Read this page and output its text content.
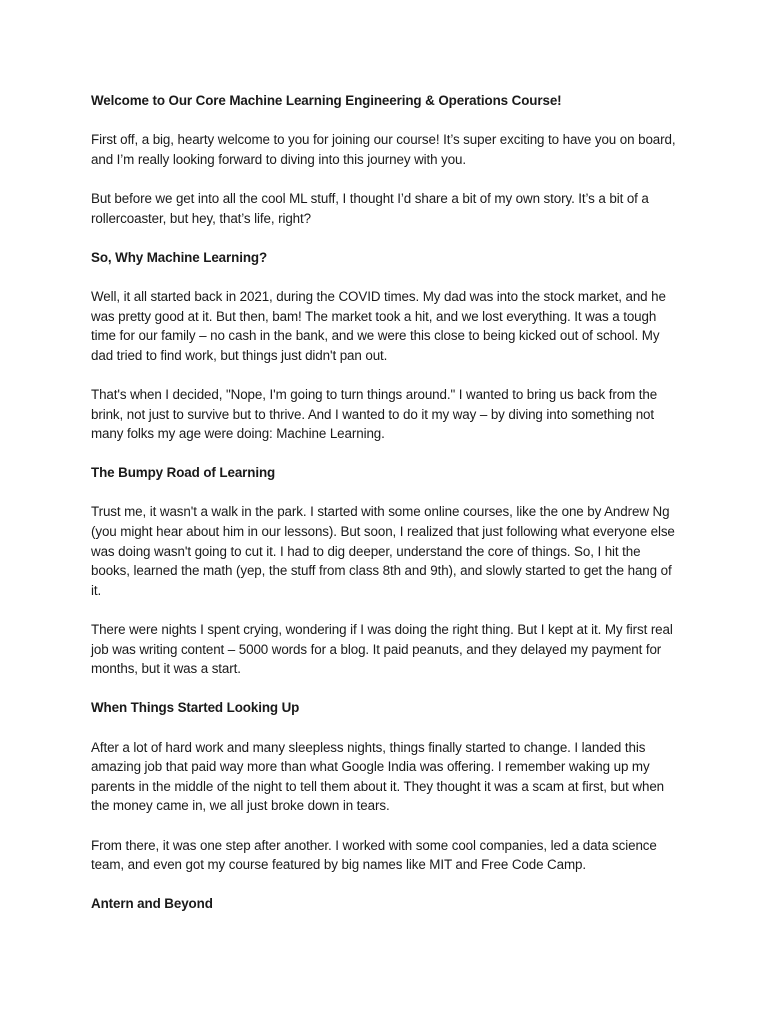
Welcome to Our Core Machine Learning Engineering & Operations Course!

First off, a big, hearty welcome to you for joining our course! It’s super exciting to have you on board, and I’m really looking forward to diving into this journey with you.

But before we get into all the cool ML stuff, I thought I’d share a bit of my own story. It’s a bit of a rollercoaster, but hey, that’s life, right?

So, Why Machine Learning?

Well, it all started back in 2021, during the COVID times. My dad was into the stock market, and he was pretty good at it. But then, bam! The market took a hit, and we lost everything. It was a tough time for our family – no cash in the bank, and we were this close to being kicked out of school. My dad tried to find work, but things just didn't pan out.

That's when I decided, "Nope, I'm going to turn things around." I wanted to bring us back from the brink, not just to survive but to thrive. And I wanted to do it my way – by diving into something not many folks my age were doing: Machine Learning.

The Bumpy Road of Learning

Trust me, it wasn't a walk in the park. I started with some online courses, like the one by Andrew Ng (you might hear about him in our lessons). But soon, I realized that just following what everyone else was doing wasn't going to cut it. I had to dig deeper, understand the core of things. So, I hit the books, learned the math (yep, the stuff from class 8th and 9th), and slowly started to get the hang of it.

There were nights I spent crying, wondering if I was doing the right thing. But I kept at it. My first real job was writing content – 5000 words for a blog. It paid peanuts, and they delayed my payment for months, but it was a start.

When Things Started Looking Up

After a lot of hard work and many sleepless nights, things finally started to change. I landed this amazing job that paid way more than what Google India was offering. I remember waking up my parents in the middle of the night to tell them about it. They thought it was a scam at first, but when the money came in, we all just broke down in tears.

From there, it was one step after another. I worked with some cool companies, led a data science team, and even got my course featured by big names like MIT and Free Code Camp.

Antern and Beyond
